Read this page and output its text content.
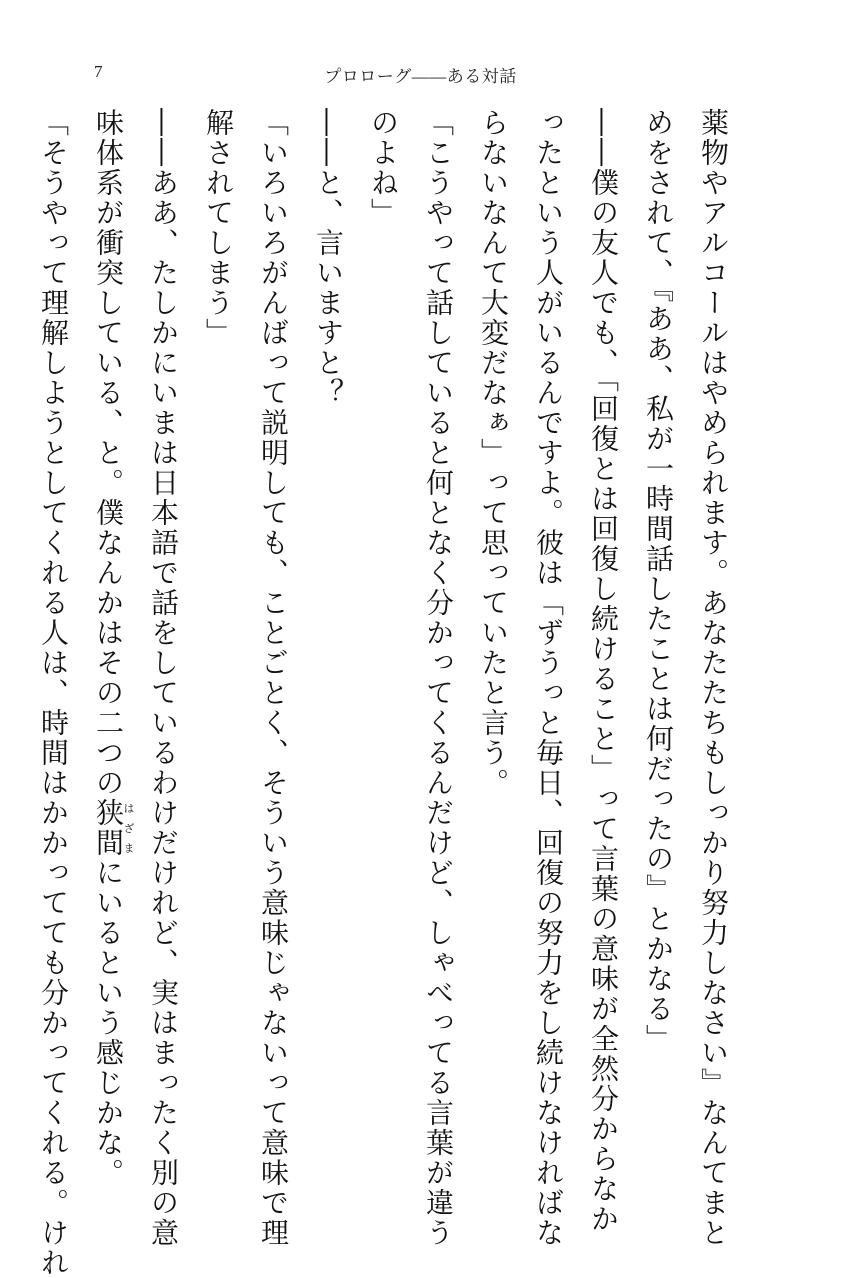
7	プロローグ——ある対話
薬物やアルコールはやめられます。あなたたちもしっかり努力しなさい』なんてまと
めをされて、『ああ、私が一時間話したことは何だったの』とかなる」
――僕の友人でも、「回復とは回復し続けること」って言葉の意味が全然分からなか
ったという人がいるんですよ。彼は「ずうっと毎日、回復の努力をし続けなければな
らないなんて大変だなぁ」って思っていたと言う。
「こうやって話していると何となく分かってくるんだけど、しゃべってる言葉が違う
のよね」
――と、言いますと？
「いろいろがんばって説明しても、ことごとく、そういう意味じゃないって意味で理
解されてしまう」
――ああ、たしかにいまは日本語で話をしているわけだけれど、実はまったく別の意
味体系が衝突している、と。僕なんかはその二つの狭間はざまにいるという感じかな。
「そうやって理解しようとしてくれる人は、時間はかかってても分かってくれる。けれ
